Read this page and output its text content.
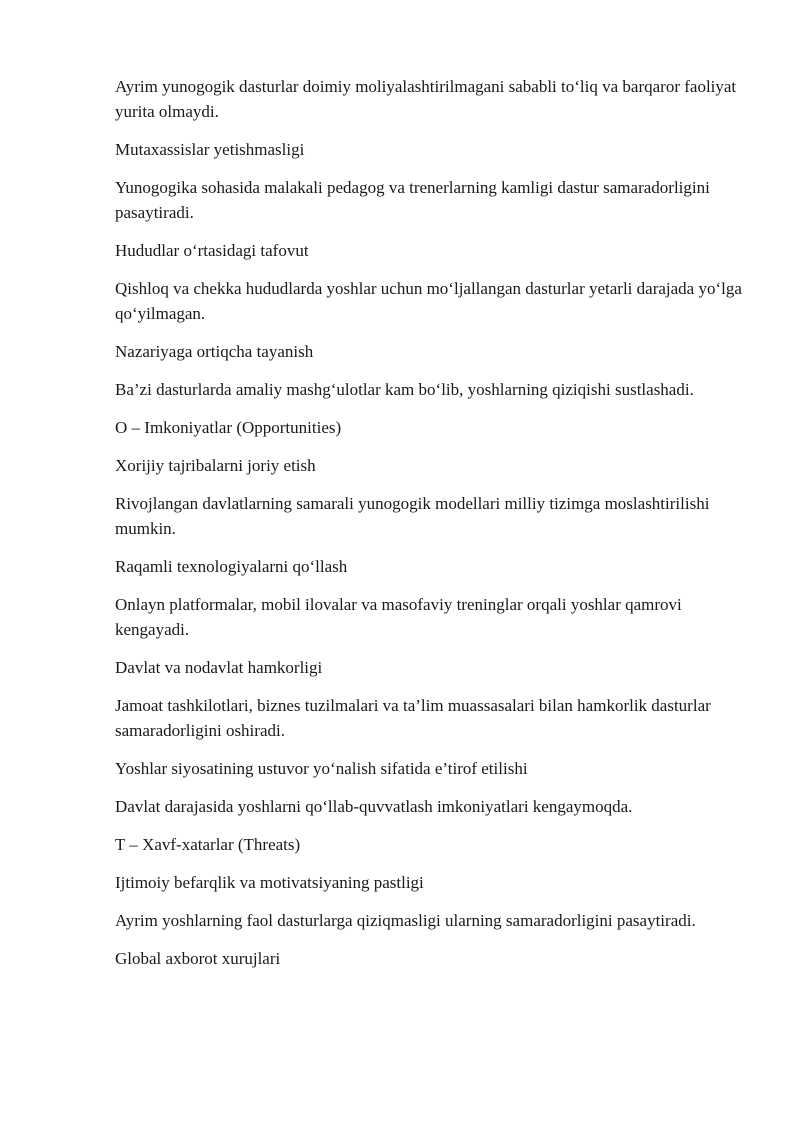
Ayrim yunogogik dasturlar doimiy moliyalashtirilmagani sababli to‘liq va barqaror faoliyat yurita olmaydi.

Mutaxassislar yetishmasligi

Yunogogika sohasida malakali pedagog va trenerlarning kamligi dastur samaradorligini pasaytiradi.

Hududlar o‘rtasidagi tafovut

Qishloq va chekka hududlarda yoshlar uchun mo‘ljallangan dasturlar yetarli darajada yo‘lga qo‘yilmagan.

Nazariyaga ortiqcha tayanish

Ba’zi dasturlarda amaliy mashg‘ulotlar kam bo‘lib, yoshlarning qiziqishi sustlashadi.

O – Imkoniyatlar (Opportunities)

Xorijiy tajribalarni joriy etish

Rivojlangan davlatlarning samarali yunogogik modellari milliy tizimga moslashtirilishi mumkin.

Raqamli texnologiyalarni qo‘llash

Onlayn platformalar, mobil ilovalar va masofaviy treninglar orqali yoshlar qamrovi kengayadi.

Davlat va nodavlat hamkorligi

Jamoat tashkilotlari, biznes tuzilmalari va ta’lim muassasalari bilan hamkorlik dasturlar samaradorligini oshiradi.

Yoshlar siyosatining ustuvor yo‘nalish sifatida e’tirof etilishi

Davlat darajasida yoshlarni qo‘llab-quvvatlash imkoniyatlari kengaymoqda.

T – Xavf-xatarlar (Threats)

Ijtimoiy befarqlik va motivatsiyaning pastligi

Ayrim yoshlarning faol dasturlarga qiziqmasligi ularning samaradorligini pasaytiradi.

Global axborot xurujlari
